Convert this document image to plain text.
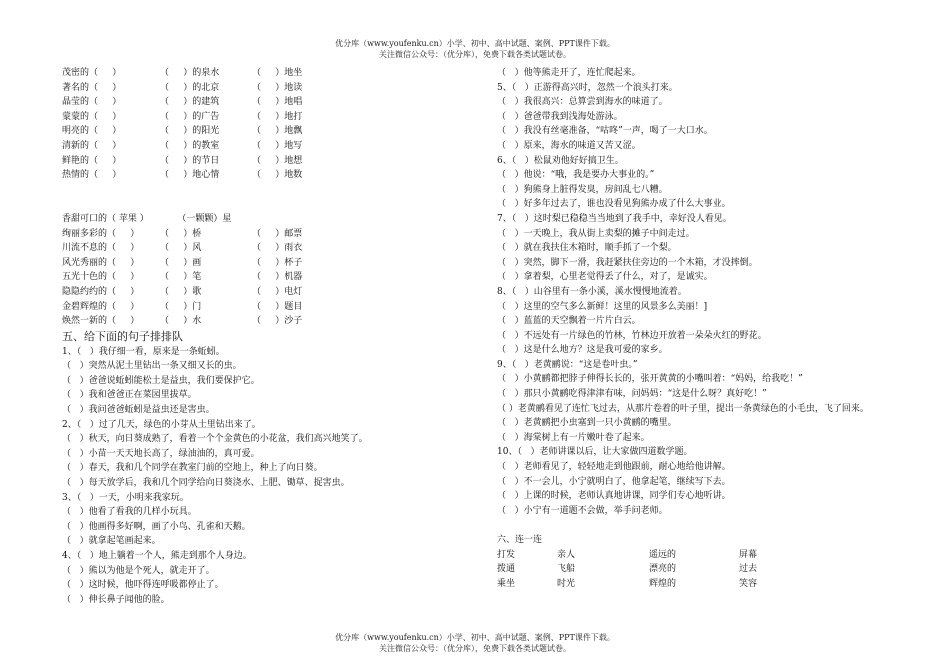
优分库（www.youfenku.cn）小学、初中、高中试题、案例、PPT课件下载。
关注微信公众号：（优分库），免费下载各类试题试卷。
茂密的（     ）	（     ）的泉水	（     ）地坐
著名的（     ）	（     ）的北京	（     ）地读
晶莹的（     ）	（     ）的建筑	（     ）地唱
蒙蒙的（     ）	（     ）的广告	（     ）地打
明亮的（     ）	（     ）的阳光	（     ）地飘
清新的（     ）	（     ）的教室	（     ）地写
鲜艳的（     ）	（     ）的节日	（     ）地想
热情的（     ）	（     ）地心情	（     ）地数
香甜可口的（ 苹果 ）          （一颗颗）星
绚丽多彩的（     ）	（     ）桥	（     ）邮票
川流不息的（     ）	（     ）风	（     ）雨衣
风光秀丽的（     ）	（     ）画	（     ）杯子
五光十色的（     ）	（     ）笔	（     ）机器
隐隐约约的（     ）	（     ）歌	（     ）电灯
金碧辉煌的（     ）	（     ）门	（     ）题目
焕然一新的（     ）	（     ）水	（     ）沙子
五、给下面的句子排排队
1、（   ）我仔细一看，原来是一条蚯蚓。
（   ）突然从泥土里钻出一条又细又长的虫。
（   ）爸爸说蚯蚓能松土是益虫，我们要保护它。
（   ）我和爸爸正在菜园里拔草。
（   ）我问爸爸蚯蚓是益虫还是害虫。
2、（   ）过了几天，绿色的小芽从土里钻出来了。
（   ）秋天，向日葵成熟了，看着一个个金黄色的小花盆，我们高兴地笑了。
（   ）小苗一天天地长高了，绿油油的，真可爱。
（   ）春天，我和几个同学在教室门前的空地上，种上了向日葵。
（   ）每天放学后，我和几个同学给向日葵浇水、上肥、锄草、捉害虫。
3、（   ）一天，小明来我家玩。
（   ）他看了看我的几样小玩具。
（   ）他画得多好啊，画了小鸟、孔雀和天鹅。
（   ）就拿起笔画起来。
4、（   ）地上躺着一个人，熊走到那个人身边。
（   ）熊以为他是个死人，就走开了。
（   ）这时候，他吓得连呼吸都停止了。
（   ）伸长鼻子闻他的脸。
（   ）他等熊走开了，连忙爬起来。
5、（   ）正游得高兴时，忽然一个浪头打来。
（   ）我很高兴：总算尝到海水的味道了。
（   ）爸爸带我到浅海处游泳。
（   ）我没有丝毫准备，“咕咚”一声，喝了一大口水。
（   ）原来，海水的味道又苦又涩。
6、（   ）松鼠劝他好好搞卫生。
（   ）他说：“哦，我是要办大事业的。”
（   ）狗熊身上脏得发臭，房间乱七八糟。
（   ）好多年过去了，谁也没看见狗熊办成了什么大事业。
7、（   ）这时梨已稳稳当当地到了我手中，幸好没人看见。
（   ）一天晚上，我从街上卖梨的摊子中间走过。
（   ）就在我扶住木箱时，顺手抓了一个梨。
（   ）突然，脚下一滑，我赶紧扶住旁边的一个木箱，才没摔倒。
（   ）拿着梨，心里老觉得丢了什么，对了，是诚实。
8、（   ）山谷里有一条小溪，溪水慢慢地流着。
（   ）这里的空气多么新鲜！这里的风景多么美丽！]
（   ）蓝蓝的天空飘着一片片白云。
（   ）不远处有一片绿色的竹林，竹林边开放着一朵朵火红的野花。
（   ）这是什么地方？这是我可爱的家乡。
9、（   ）老黄鹂说：“这是卷叶虫。”
（   ）小黄鹂都把脖子伸得长长的，张开黄黄的小嘴叫着：“妈妈，给我吃！”
（   ）那只小黄鹂吃得津津有味，问妈妈：“这是什么呀？真好吃！”
（ ）老黄鹂看见了连忙飞过去，从那片卷着的叶子里，提出一条黄绿色的小毛虫，飞了回来。
（   ）老黄鹂把小虫塞到一只小黄鹂的嘴里。
（   ）海棠树上有一片嫩叶卷了起来。
10、（   ）老师讲课以后，让大家做四道数学题。
（   ）老师看见了，轻轻地走到他跟前，耐心地给他讲解。
（   ）不一会儿，小宁就明白了，他拿起笔，继续写下去。
（   ）上课的时候，老师认真地讲课，同学们专心地听讲。
（   ）小宁有一道题不会做，举手问老师。
六、连一连
打发	亲人	遥远的	屏幕
拨通	飞船	漂亮的	过去
乘坐	时光	辉煌的	笑容
优分库（www.youfenku.cn）小学、初中、高中试题、案例、PPT课件下载。
关注微信公众号：（优分库），免费下载各类试题试卷。
